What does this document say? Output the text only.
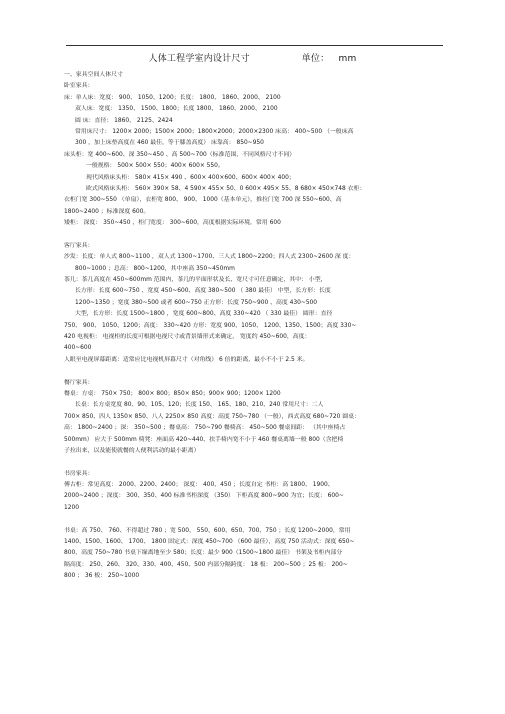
人体工程学室内设计尺寸	单位：   mm
一、家具空间人体尺寸
卧室家具：
床：单人床：宽度： 900、 1050、1200；长度： 1800、 1860、2000、 2100
双人床：宽度： 1350、 1500、1800；长度 1800、 1860、2000、 2100
圆 床：直径： 1860、 2125、2424
常用床尺寸： 1200× 2000；1500× 2000；1800×2000；2000×2300 床高： 400~500 （一般床高
300 ，加上床垫高度在 460 最佳，等于膝盖高度） 床靠高： 850~950
床头柜：宽 400~600、深 350~450 、高 500~700（标准范围，不同风格尺寸不同）
一般规格： 500× 500× 550；400× 600× 550。
现代风格床头柜： 580× 415× 490 、600× 400×600、600× 400× 400；
欧式风格床头柜： 560× 390× 58、4 590× 455× 50、0 600× 495× 55、8 680× 450×748 衣柜：
衣柜门宽 300~550 （单扇），衣柜宽 800、 900、 1000（基本单元），推拉门宽 700 深 550~600、高
1800~2400 ；标准深度 600。
矮柜： 深度： 350~450 ，柜门宽度： 300~600，高度根据实际环境，常用 600
客厅家具：
沙发：长度：单人式 800~1100 ，双人式 1300~1700、三人式 1800~2200；四人式 2300~2600 深 度：
800~1000 ；总高： 800~1200，其中座高 350~450mm
茶几：茶几高度在 450~600mm 范围内，茶几的平面形状及长、宽尺寸可任意确定，其中： 小型，
长方形：长度 600~750 、宽度 450~600、高度 380~500 （ 380 最佳） 中型，长方形：长度
1200~1350 ；宽度 380~500 或者 600~750 正方形：长度 750~900 、高度 430~500
大型，长方形：长度 1500~1800 ，宽度 600~800、高度 330~420 （ 330 最佳） 圆形：直径
750、 900、 1050、1200；高度： 330~420 方形：宽度 900、1050、 1200、1350、1500；高度 330~
420 电视柜： 电视柜的长度可根据电视尺寸或背景墙形式来确定， 宽度约 450~600，高度：
400~600
人眼至电视屏幕距离：适常应比电视机屏幕尺寸（对角线） 6 倍的距离，最小不小于 2.5 米。
餐厅家具：
餐桌：方桌： 750× 750； 800× 800；850× 850；900× 900；1200× 1200
长桌：长方桌宽度 80、90、105、120；长度 150、 165、180、210、240 常用尺寸：二人
700× 850、四人 1350× 850、八人 2250× 850 高度：高度 750~780 （一般），西式高度 680~720 圆桌：
高： 1800~2400 ；深： 350~500 ；餐桌高： 750~790 餐椅高： 450~500 餐桌间距： （其中座椅占
500mm） 应大于 500mm 椅凳：座面高 420~440、扶手椅内宽不小于 460 餐桌离墙一般 800（含把椅
子拉出来，以及能使就餐的人便利活动的最小距离）
书房家具：
傅古柜：常见高度： 2000、2200、2400； 深度： 400、450 ；长度自定 书柜：高 1800、 1900、
2000~2400 ；深度： 300、350、400 标准书柜深度 （350） 下柜高度 800~900 为宜；长度： 600~
1200
书桌：高 750、 760、不得超过 780 ；宽 500、 550、600、650、700、750 ；长度 1200~2000，常用
1400、1500、1600、 1700、 1800 固定式：深度 450~700 （600 最佳），高度 750 活动式：深度 650~
800，高度 750~780 书桌下缘离地至少 580；长度：最少 900（1500~1800 最佳） 书架及书柜内部分
隔高度： 250、260、 320、330、400、450、500 内部分隔跨度： 18 板： 200~500 ；25 板： 200~
800 ； 36 板： 250~1000
